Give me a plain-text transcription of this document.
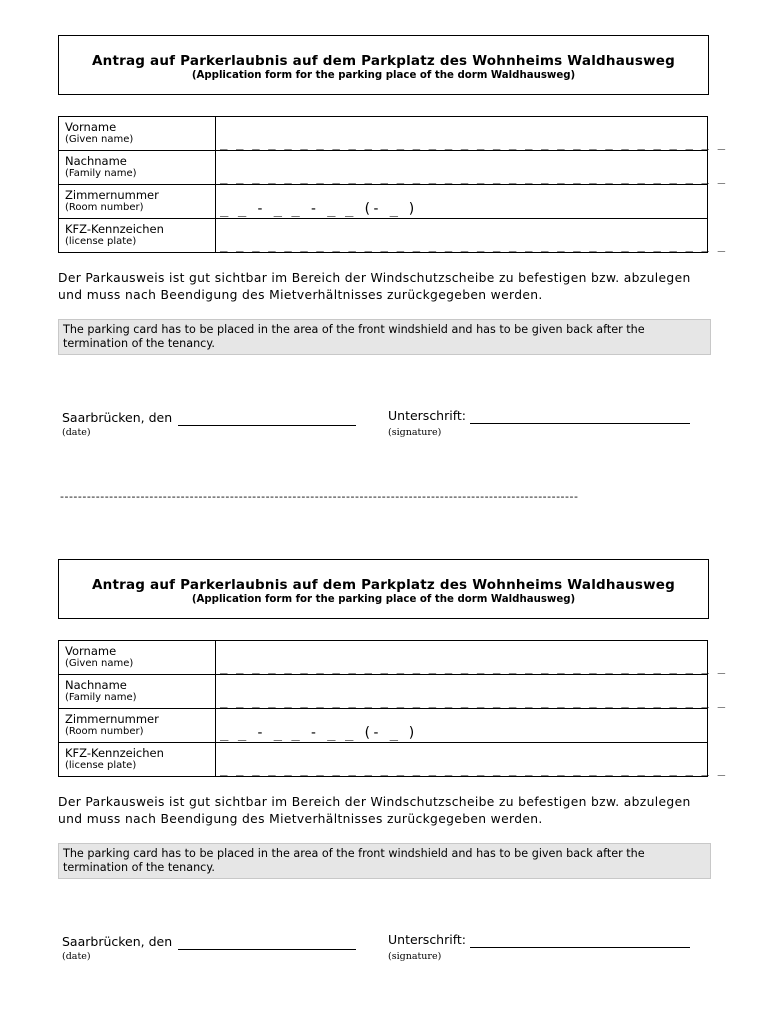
Antrag auf Parkerlaubnis auf dem Parkplatz des Wohnheims Waldhausweg
(Application form for the parking place of the dorm Waldhausweg)
Vorname
(Given name)	_ _ _ _ _ _ _ _ _ _ _ _ _ _ _ _ _ _ _ _ _ _ _ _ _ _ _ _ _ _ _ _

Nachname
(Family name)	_ _ _ _ _ _ _ _ _ _ _ _ _ _ _ _ _ _ _ _ _ _ _ _ _ _ _ _ _ _ _ _

Zimmernummer
(Room number)	_ _ - _ _ - _ _ (- _ )

KFZ-Kennzeichen
(license plate)	_ _ _ _ _ _ _ _ _ _ _ _ _ _ _ _ _ _ _ _ _ _ _ _ _ _ _ _ _ _ _ _
Der Parkausweis ist gut sichtbar im Bereich der Windschutzscheibe zu befestigen bzw. abzulegen und muss nach Beendigung des Mietverhältnisses zurückgegeben werden.
The parking card has to be placed in the area of the front windshield and has to be given back after the termination of the tenancy.
Saarbrücken, den	Unterschrift:
(date)	(signature)
--------------------------------------------------------------------------------------------------------------------
Antrag auf Parkerlaubnis auf dem Parkplatz des Wohnheims Waldhausweg
(Application form for the parking place of the dorm Waldhausweg)
Vorname
(Given name)	_ _ _ _ _ _ _ _ _ _ _ _ _ _ _ _ _ _ _ _ _ _ _ _ _ _ _ _ _ _ _ _

Nachname
(Family name)	_ _ _ _ _ _ _ _ _ _ _ _ _ _ _ _ _ _ _ _ _ _ _ _ _ _ _ _ _ _ _ _

Zimmernummer
(Room number)	_ _ - _ _ - _ _ (- _ )

KFZ-Kennzeichen
(license plate)	_ _ _ _ _ _ _ _ _ _ _ _ _ _ _ _ _ _ _ _ _ _ _ _ _ _ _ _ _ _ _ _
Der Parkausweis ist gut sichtbar im Bereich der Windschutzscheibe zu befestigen bzw. abzulegen und muss nach Beendigung des Mietverhältnisses zurückgegeben werden.
The parking card has to be placed in the area of the front windshield and has to be given back after the termination of the tenancy.
Saarbrücken, den	Unterschrift:
(date)	(signature)
